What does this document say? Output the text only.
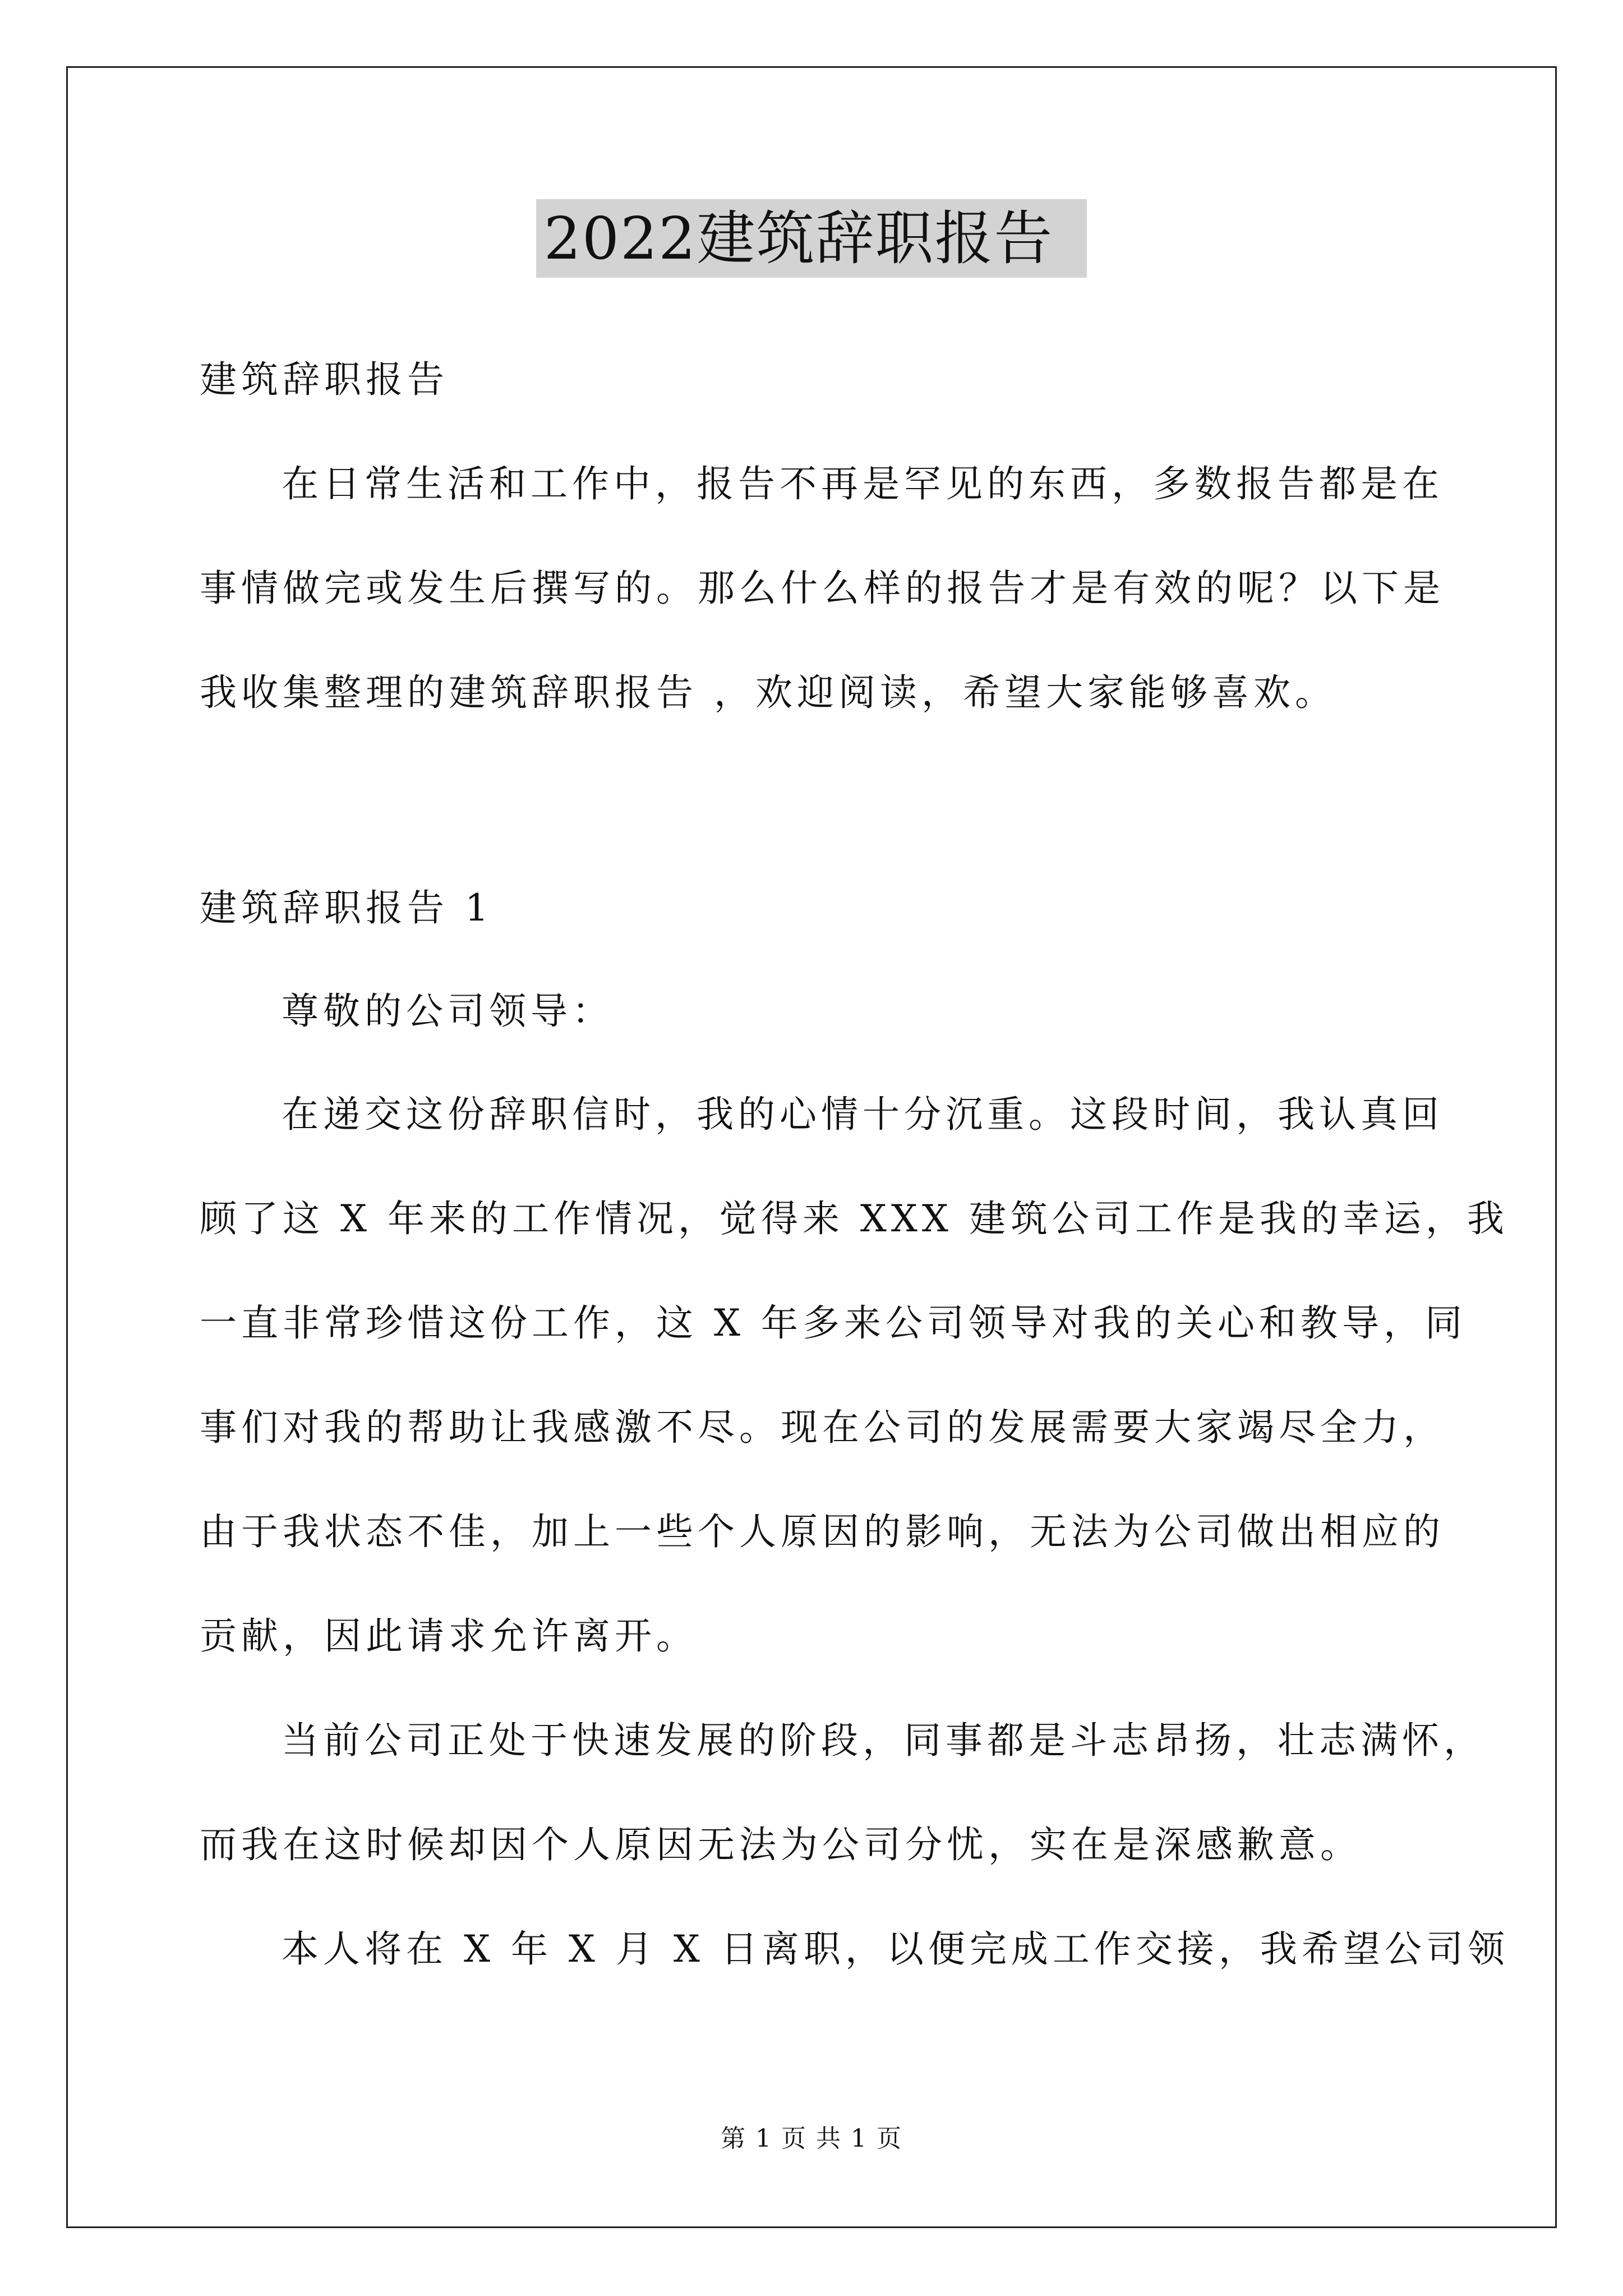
2022建筑辞职报告
建筑辞职报告
在日常生活和工作中，报告不再是罕见的东西，多数报告都是在
事情做完或发生后撰写的。那么什么样的报告才是有效的呢？以下是
我收集整理的建筑辞职报告 ，欢迎阅读，希望大家能够喜欢。
建筑辞职报告 1
尊敬的公司领导：
在递交这份辞职信时，我的心情十分沉重。这段时间，我认真回
顾了这 X 年来的工作情况，觉得来 XXX 建筑公司工作是我的幸运，我
一直非常珍惜这份工作，这 X 年多来公司领导对我的关心和教导，同
事们对我的帮助让我感激不尽。现在公司的发展需要大家竭尽全力，
由于我状态不佳，加上一些个人原因的影响，无法为公司做出相应的
贡献，因此请求允许离开。
当前公司正处于快速发展的阶段，同事都是斗志昂扬，壮志满怀，
而我在这时候却因个人原因无法为公司分忧，实在是深感歉意。
本人将在 X 年 X 月 X 日离职，以便完成工作交接，我希望公司领
第 1 页 共 1 页
